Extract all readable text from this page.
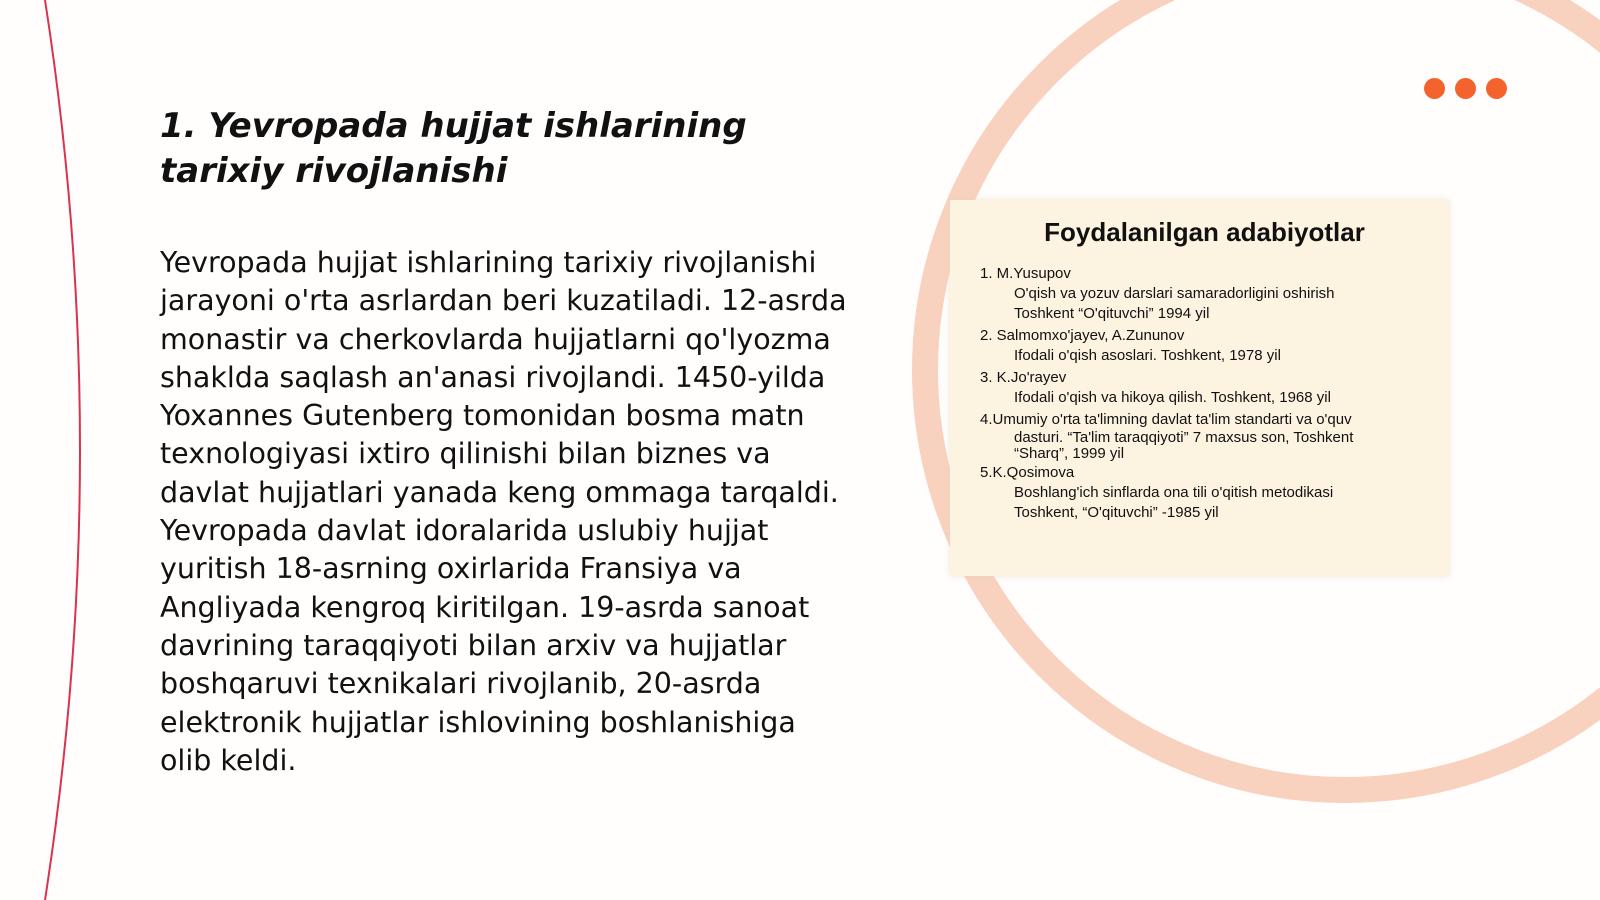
1. Yevropada hujjat ishlarining tarixiy rivojlanishi

Yevropada hujjat ishlarining tarixiy rivojlanishi jarayoni o'rta asrlardan beri kuzatiladi. 12-asrda monastir va cherkovlarda hujjatlarni qo'lyozma shaklda saqlash an'anasi rivojlandi. 1450-yilda Yoxannes Gutenberg tomonidan bosma matn texnologiyasi ixtiro qilinishi bilan biznes va davlat hujjatlari yanada keng ommaga tarqaldi. Yevropada davlat idoralarida uslubiy hujjat yuritish 18-asrning oxirlarida Fransiya va Angliyada kengroq kiritilgan. 19-asrda sanoat davrining taraqqiyoti bilan arxiv va hujjatlar boshqaruvi texnikalari rivojlanib, 20-asrda elektronik hujjatlar ishlovining boshlanishiga olib keldi.

Foydalanilgan adabiyotlar
1. M.Yusupov
O'qish va yozuv darslari samaradorligini oshirish
Toshkent “O'qituvchi” 1994 yil
2. Salmomxo'jayev, A.Zununov
Ifodali o'qish asoslari. Toshkent, 1978 yil
3. K.Jo'rayev
Ifodali o'qish va hikoya qilish. Toshkent, 1968 yil
4.Umumiy o'rta ta'limning davlat ta'lim standarti va o'quv
dasturi. “Ta'lim taraqqiyoti” 7 maxsus son, Toshkent
“Sharq”, 1999 yil
5.K.Qosimova
Boshlang'ich sinflarda ona tili o'qitish metodikasi
Toshkent, “O'qituvchi” -1985 yil
